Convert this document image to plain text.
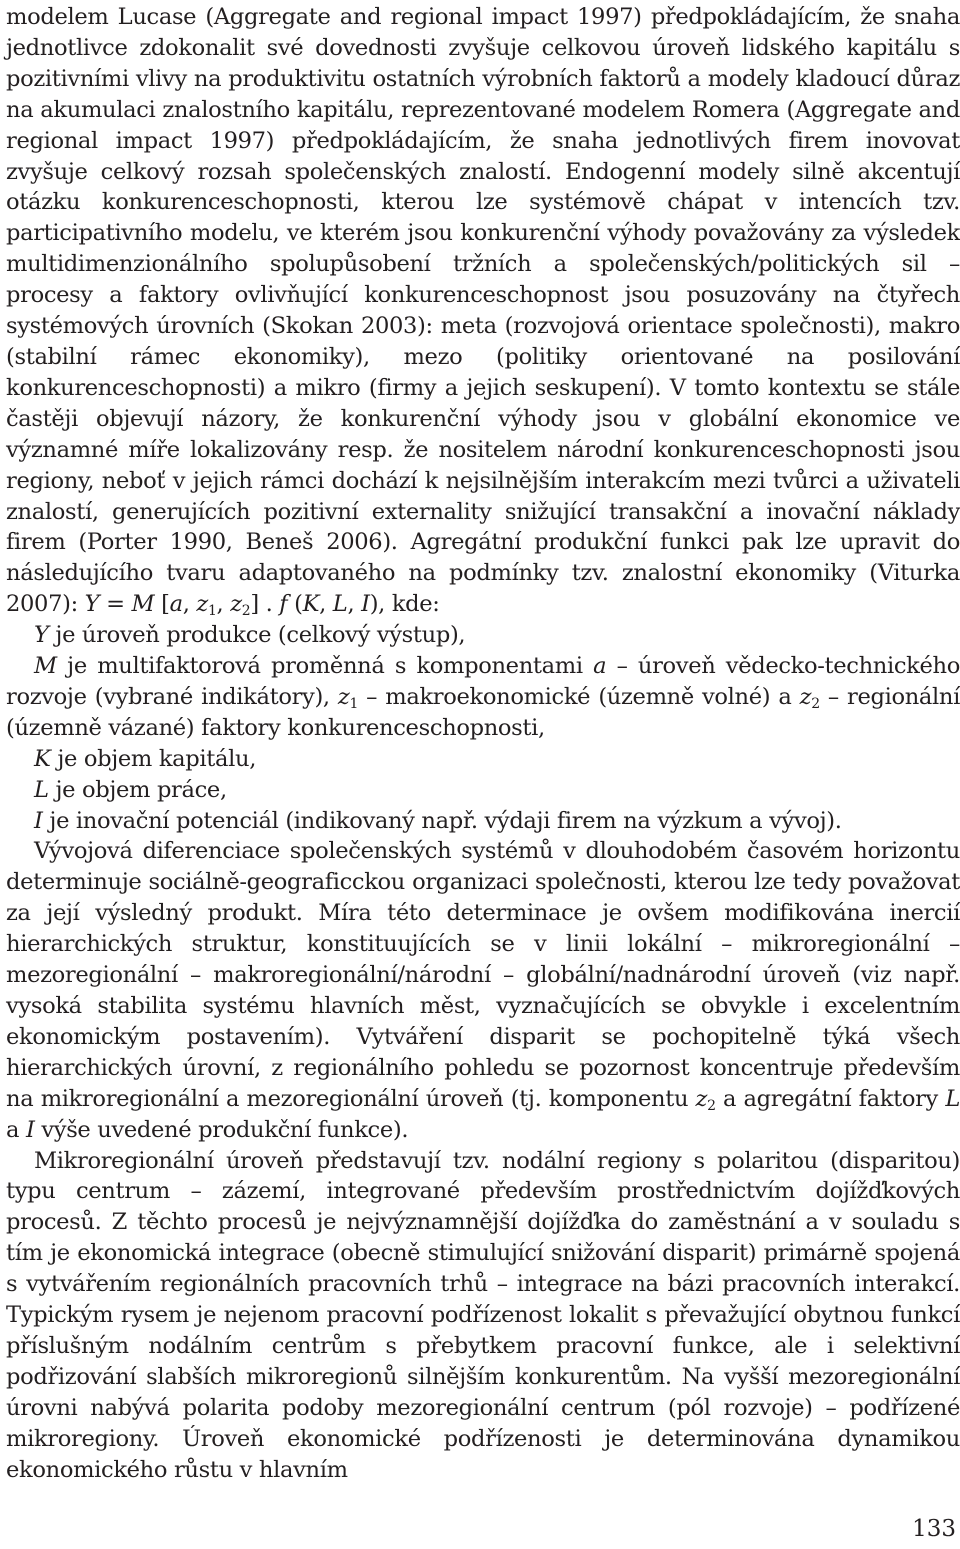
modelem Lucase (Aggregate and regional impact 1997) předpokládajícím, že snaha jednotlivce zdokonalit své dovednosti zvyšuje celkovou úroveň lidského kapitálu s pozitivními vlivy na produktivitu ostatních výrobních faktorů a modely kladoucí důraz na akumulaci znalostního kapitálu, reprezentované modelem Romera (Aggregate and regional impact 1997) předpokládajícím, že snaha jednotlivých firem inovovat zvyšuje celkový rozsah společenských znalostí. Endogenní modely silně akcentují otázku konkurenceschopnosti, kterou lze systémově chápat v intencích tzv. participativního modelu, ve kterém jsou konkurenční výhody považovány za výsledek multidimenzionálního spolupůsobení tržních a společenských/politických sil – procesy a faktory ovlivňující konkurenceschopnost jsou posuzovány na čtyřech systémových úrovních (Skokan 2003): meta (rozvojová orientace společnosti), makro (stabilní rámec ekonomiky), mezo (politiky orientované na posilování konkurenceschopnosti) a mikro (firmy a jejich seskupení). V tomto kontextu se stále častěji objevují názory, že konkurenční výhody jsou v globální ekonomice ve významné míře lokalizovány resp. že nositelem národní konkurenceschopnosti jsou regiony, neboť v jejich rámci dochází k nejsilnějším interakcím mezi tvůrci a uživateli znalostí, generujících pozitivní externality snižující transakční a inovační náklady firem (Porter 1990, Beneš 2006). Agregátní produkční funkci pak lze upravit do následujícího tvaru adaptovaného na podmínky tzv. znalostní ekonomiky (Viturka 2007): Y = M [a, $z_1$, $z_2$] . f (K, L, I), kde:

Y je úroveň produkce (celkový výstup),

M je multifaktorová proměnná s komponentami a – úroveň vědecko-technického rozvoje (vybrané indikátory), $z_1$ – makroekonomické (územně volné) a $z_2$ – regionální (územně vázané) faktory konkurenceschopnosti,

K je objem kapitálu,

L je objem práce,

I je inovační potenciál (indikovaný např. výdaji firem na výzkum a vývoj).

Vývojová diferenciace společenských systémů v dlouhodobém časovém horizontu determinuje sociálně-geograficckou organizaci společnosti, kterou lze tedy považovat za její výsledný produkt. Míra této determinace je ovšem modifikována inercií hierarchických struktur, konstituujících se v linii lokální – mikroregionální – mezoregionální – makroregionální/národní – globální/nadnárodní úroveň (viz např. vysoká stabilita systému hlavních měst, vyznačujících se obvykle i excelentním ekonomickým postavením). Vytváření disparit se pochopitelně týká všech hierarchických úrovní, z regionálního pohledu se pozornost koncentruje především na mikroregionální a mezoregionální úroveň (tj. komponentu $z_2$ a agregátní faktory L a I výše uvedené produkční funkce).

Mikroregionální úroveň představují tzv. nodální regiony s polaritou (disparitou) typu centrum – zázemí, integrované především prostřednictvím dojížďkových procesů. Z těchto procesů je nejvýznamnější dojížďka do zaměstnání a v souladu s tím je ekonomická integrace (obecně stimulující snižování disparit) primárně spojená s vytvářením regionálních pracovních trhů – integrace na bázi pracovních interakcí. Typickým rysem je nejenom pracovní podřízenost lokalit s převažující obytnou funkcí příslušným nodálním centrům s přebytkem pracovní funkce, ale i selektivní podřizování slabších mikroregionů silnějším konkurentům. Na vyšší mezoregionální úrovni nabývá polarita podoby mezoregionální centrum (pól rozvoje) – podřízené mikroregiony. Úroveň ekonomické podřízenosti je determinována dynamikou ekonomického růstu v hlavním

133
